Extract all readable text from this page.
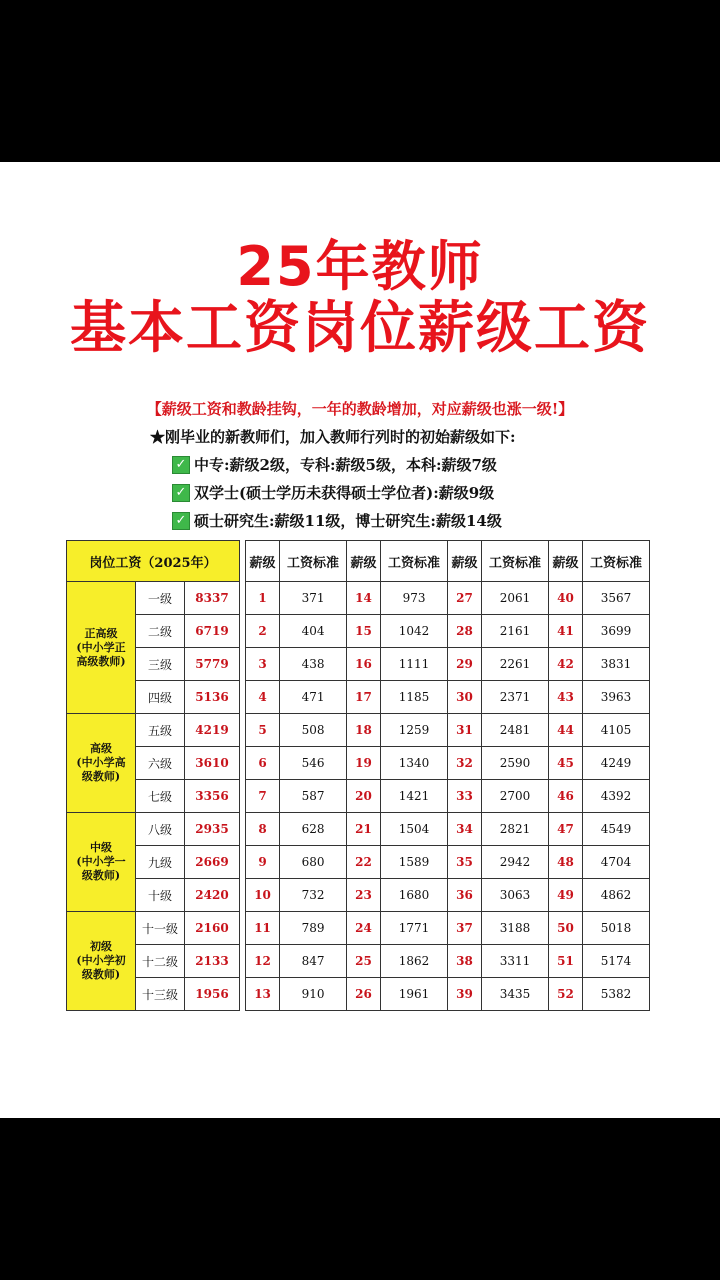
25年教师
基本工资岗位薪级工资
【薪级工资和教龄挂钩，一年的教龄增加，对应薪级也涨一级!】
★刚毕业的新教师们，加入教师行列时的初始薪级如下:
✓ 中专:薪级2级，专科:薪级5级，本科:薪级7级
✓ 双学士(硕士学历未获得硕士学位者):薪级9级
✓ 硕士研究生:薪级11级，博士研究生:薪级14级
岗位工资（2025年）		
正高级
(中小学正
高级教师)	一级	8337
	二级	6719
	三级	5779
	四级	5136
高级
(中小学高
级教师)	五级	4219
	六级	3610
	七级	3356
中级
(中小学一
级教师)	八级	2935
	九级	2669
	十级	2420
初级
(中小学初
级教师)	十一级	2160
	十二级	2133
	十三级	1956
薪级	工资标准	薪级	工资标准	薪级	工资标准	薪级	工资标准
1	371	14	973	27	2061	40	3567
2	404	15	1042	28	2161	41	3699
3	438	16	1111	29	2261	42	3831
4	471	17	1185	30	2371	43	3963
5	508	18	1259	31	2481	44	4105
6	546	19	1340	32	2590	45	4249
7	587	20	1421	33	2700	46	4392
8	628	21	1504	34	2821	47	4549
9	680	22	1589	35	2942	48	4704
10	732	23	1680	36	3063	49	4862
11	789	24	1771	37	3188	50	5018
12	847	25	1862	38	3311	51	5174
13	910	26	1961	39	3435	52	5382
